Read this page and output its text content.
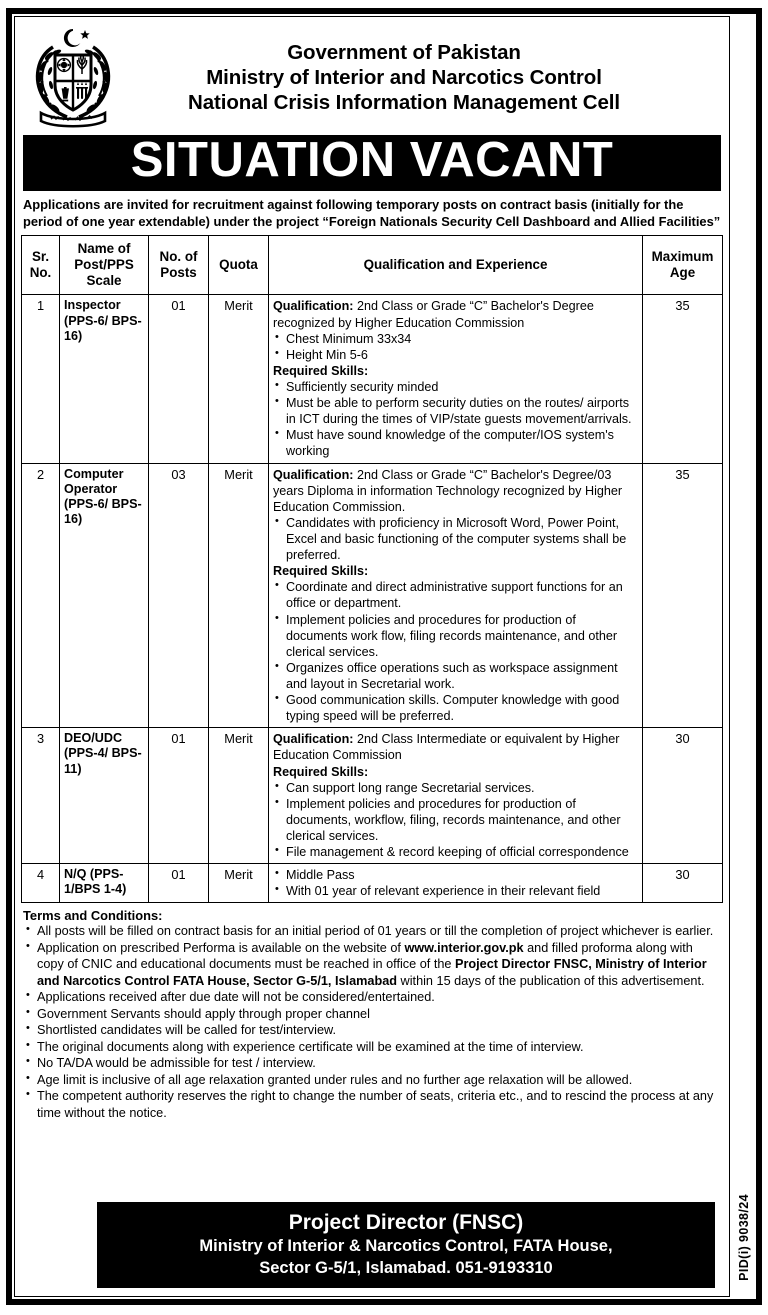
Government of Pakistan
Ministry of Interior and Narcotics Control
National Crisis Information Management Cell
SITUATION VACANT
Applications are invited for recruitment against following temporary posts on contract basis (initially for the period of one year extendable) under the project “Foreign Nationals Security Cell Dashboard and Allied Facilities”
Sr. No.	Name of Post/PPS Scale	No. of Posts	Quota	Qualification and Experience	Maximum Age
1	Inspector (PPS-6/ BPS-16)	01	Merit	Qualification: 2nd Class or Grade “C” Bachelor's Degree recognized by Higher Education Commission
• Chest Minimum 33x34
• Height Min 5-6
Required Skills:
• Sufficiently security minded
• Must be able to perform security duties on the routes/ airports in ICT during the times of VIP/state guests movement/arrivals.
• Must have sound knowledge of the computer/IOS system's working
	35
2	Computer Operator (PPS-6/ BPS-16)	03	Merit	Qualification: 2nd Class or Grade “C” Bachelor's Degree/03 years Diploma in information Technology recognized by Higher Education Commission.
• Candidates with proficiency in Microsoft Word, Power Point, Excel and basic functioning of the computer systems shall be preferred.
Required Skills:
• Coordinate and direct administrative support functions for an office or department.
• Implement policies and procedures for production of documents work flow, filing records maintenance, and other clerical services.
• Organizes office operations such as workspace assignment and layout in Secretarial work.
• Good communication skills. Computer knowledge with good typing speed will be preferred.
	35
3	DEO/UDC (PPS-4/ BPS-11)	01	Merit	Qualification: 2nd Class Intermediate or equivalent by Higher Education Commission
Required Skills:
• Can support long range Secretarial services.
• Implement policies and procedures for production of documents, workflow, filing, records maintenance, and other clerical services.
• File management & record keeping of official correspondence
	30
4	N/Q (PPS-1/BPS 1-4)	01	Merit	
•Middle Pass
• With 01 year of relevant experience in their relevant field
	30
Terms and Conditions:
• All posts will be filled on contract basis for an initial period of 01 years or till the completion of project whichever is earlier.
• Application on prescribed Performa is available on the website of www.interior.gov.pk and filled proforma along with copy of CNIC and educational documents must be reached in office of the Project Director FNSC, Ministry of Interior and Narcotics Control FATA House, Sector G-5/1, Islamabad within 15 days of the publication of this advertisement.
• Applications received after due date will not be considered/entertained.
• Government Servants should apply through proper channel
• Shortlisted candidates will be called for test/interview.
• The original documents along with experience certificate will be examined at the time of interview.
• No TA/DA would be admissible for test / interview.
• Age limit is inclusive of all age relaxation granted under rules and no further age relaxation will be allowed.
• The competent authority reserves the right to change the number of seats, criteria etc., and to rescind the process at any time without the notice.
Project Director (FNSC)
Ministry of Interior & Narcotics Control, FATA House,
Sector G-5/1, Islamabad. 051-9193310	PID(i) 9038/24
